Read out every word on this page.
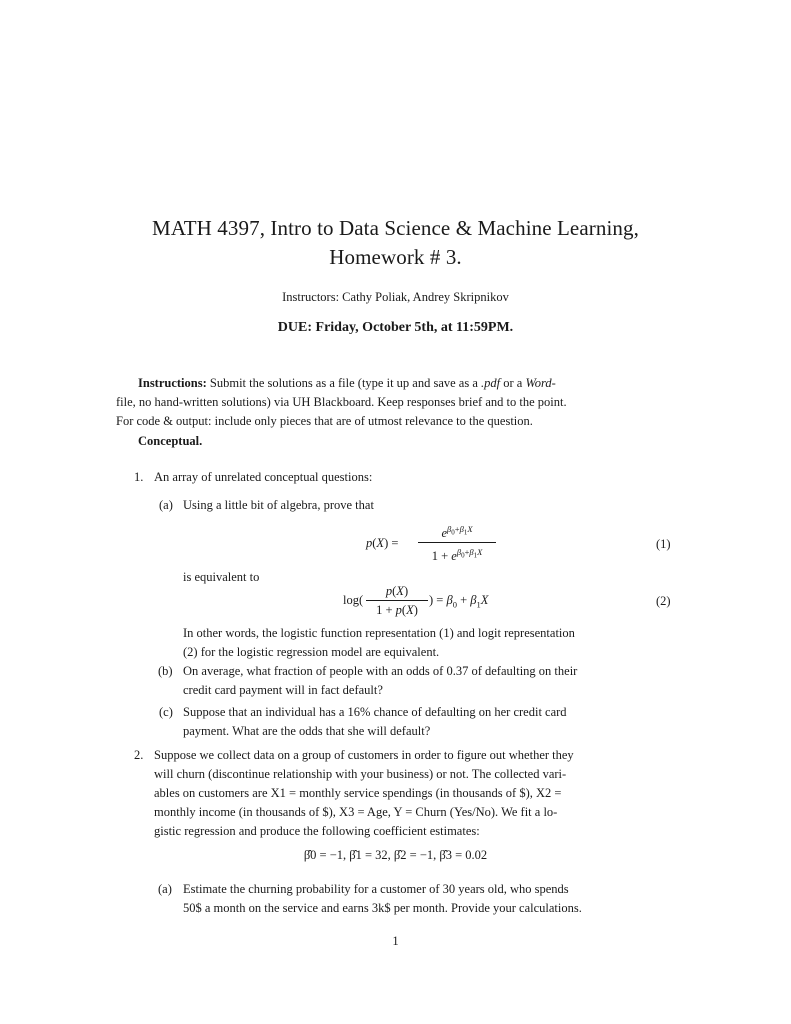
MATH 4397, Intro to Data Science & Machine Learning,
Homework # 3.
Instructors: Cathy Poliak, Andrey Skripnikov
DUE: Friday, October 5th, at 11:59PM.
Instructions: Submit the solutions as a file (type it up and save as a .pdf or a Word-
file, no hand-written solutions) via UH Blackboard. Keep responses brief and to the point.
For code & output: include only pieces that are of utmost relevance to the question.
Conceptual.
1. An array of unrelated conceptual questions:
(a) Using a little bit of algebra, prove that
$p(X) = \frac{e^{\beta_0+\beta_1X}}{1 + e^{\beta_0+\beta_1X}}$	(1)
is equivalent to
$\log( \frac{p(X)}{1 + p(X)}$ ) = $\beta_0 + \beta_1X$	(2)
In other words, the logistic function representation (1) and logit representation
(2) for the logistic regression model are equivalent.
(b) On average, what fraction of people with an odds of 0.37 of defaulting on their
credit card payment will in fact default?
(c) Suppose that an individual has a 16% chance of defaulting on her credit card
payment. What are the odds that she will default?
2. Suppose we collect data on a group of customers in order to figure out whether they
will churn (discontinue relationship with your business) or not. The collected vari-
ables on customers are X1 = monthly service spendings (in thousands of $), X2 =
monthly income (in thousands of $), X3 = Age, Y = Churn (Yes/No). We fit a lo-
gistic regression and produce the following coefficient estimates:
β̂0 = −1, β̂1 = 32, β̂2 = −1, β̂3 = 0.02
(a) Estimate the churning probability for a customer of 30 years old, who spends
50$ a month on the service and earns 3k$ per month. Provide your calculations.
1
